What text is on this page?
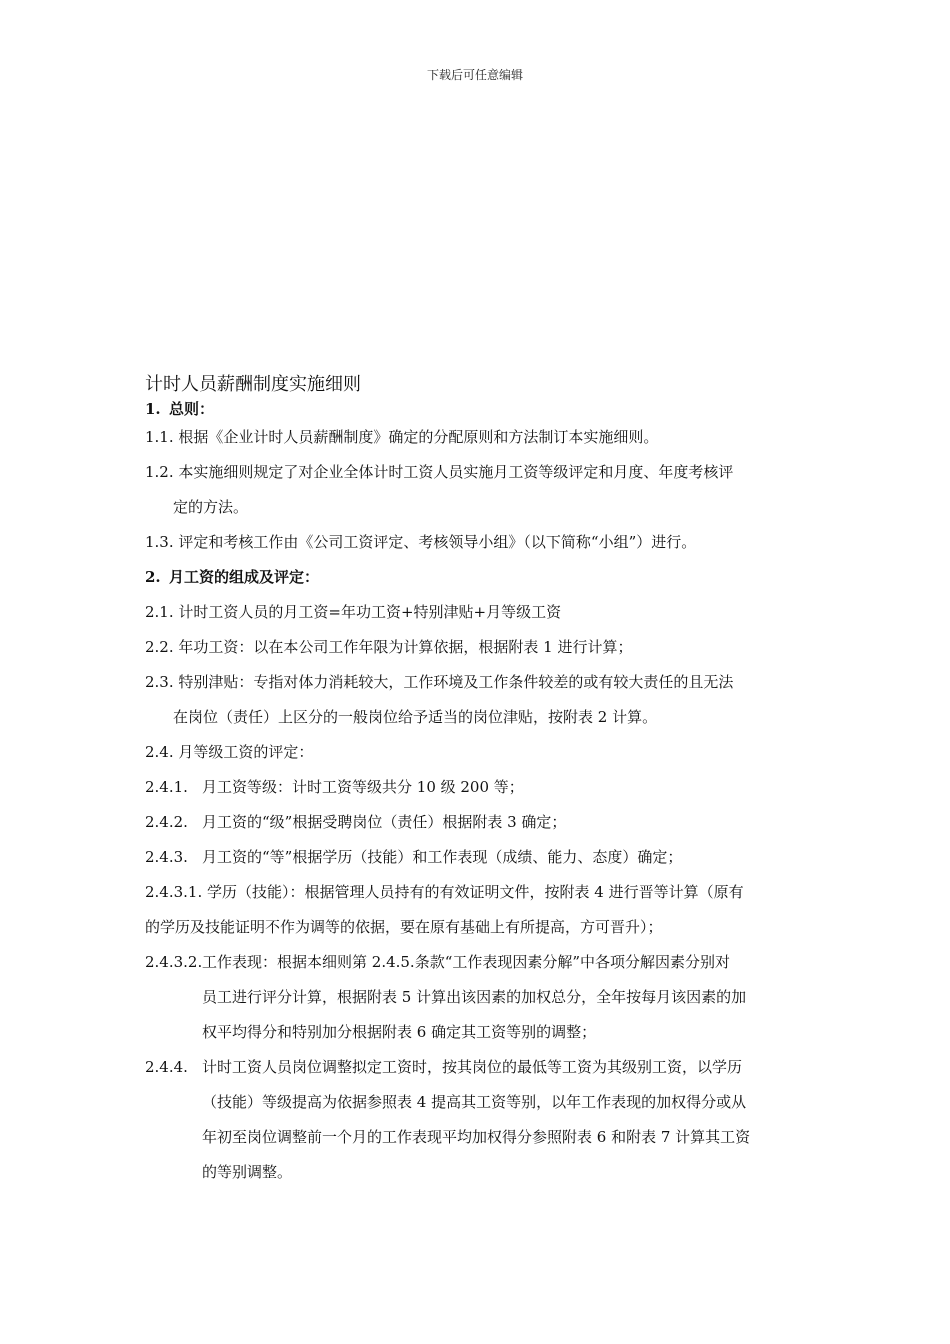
下载后可任意编辑
计时人员薪酬制度实施细则
1. 总则：
1.1. 根据《企业计时人员薪酬制度》确定的分配原则和方法制订本实施细则。
1.2. 本实施细则规定了对企业全体计时工资人员实施月工资等级评定和月度、年度考核评
定的方法。
1.3. 评定和考核工作由《公司工资评定、考核领导小组》（以下简称“小组”）进行。
2. 月工资的组成及评定：
2.1. 计时工资人员的月工资=年功工资+特别津贴+月等级工资
2.2. 年功工资：以在本公司工作年限为计算依据，根据附表 1 进行计算；
2.3. 特别津贴：专指对体力消耗较大，工作环境及工作条件较差的或有较大责任的且无法
在岗位（责任）上区分的一般岗位给予适当的岗位津贴，按附表 2 计算。
2.4. 月等级工资的评定：
2.4.1. 月工资等级：计时工资等级共分 10 级 200 等；
2.4.2. 月工资的“级”根据受聘岗位（责任）根据附表 3 确定；
2.4.3. 月工资的“等”根据学历（技能）和工作表现（成绩、能力、态度）确定；
2.4.3.1. 学历（技能）：根据管理人员持有的有效证明文件，按附表 4 进行晋等计算（原有
的学历及技能证明不作为调等的依据，要在原有基础上有所提高，方可晋升）；
2.4.3.2.工作表现：根据本细则第 2.4.5.条款“工作表现因素分解”中各项分解因素分别对
员工进行评分计算，根据附表 5 计算出该因素的加权总分，全年按每月该因素的加
权平均得分和特别加分根据附表 6 确定其工资等别的调整；
2.4.4. 计时工资人员岗位调整拟定工资时，按其岗位的最低等工资为其级别工资，以学历
（技能）等级提高为依据参照表 4 提高其工资等别，以年工作表现的加权得分或从
年初至岗位调整前一个月的工作表现平均加权得分参照附表 6 和附表 7 计算其工资
的等别调整。
